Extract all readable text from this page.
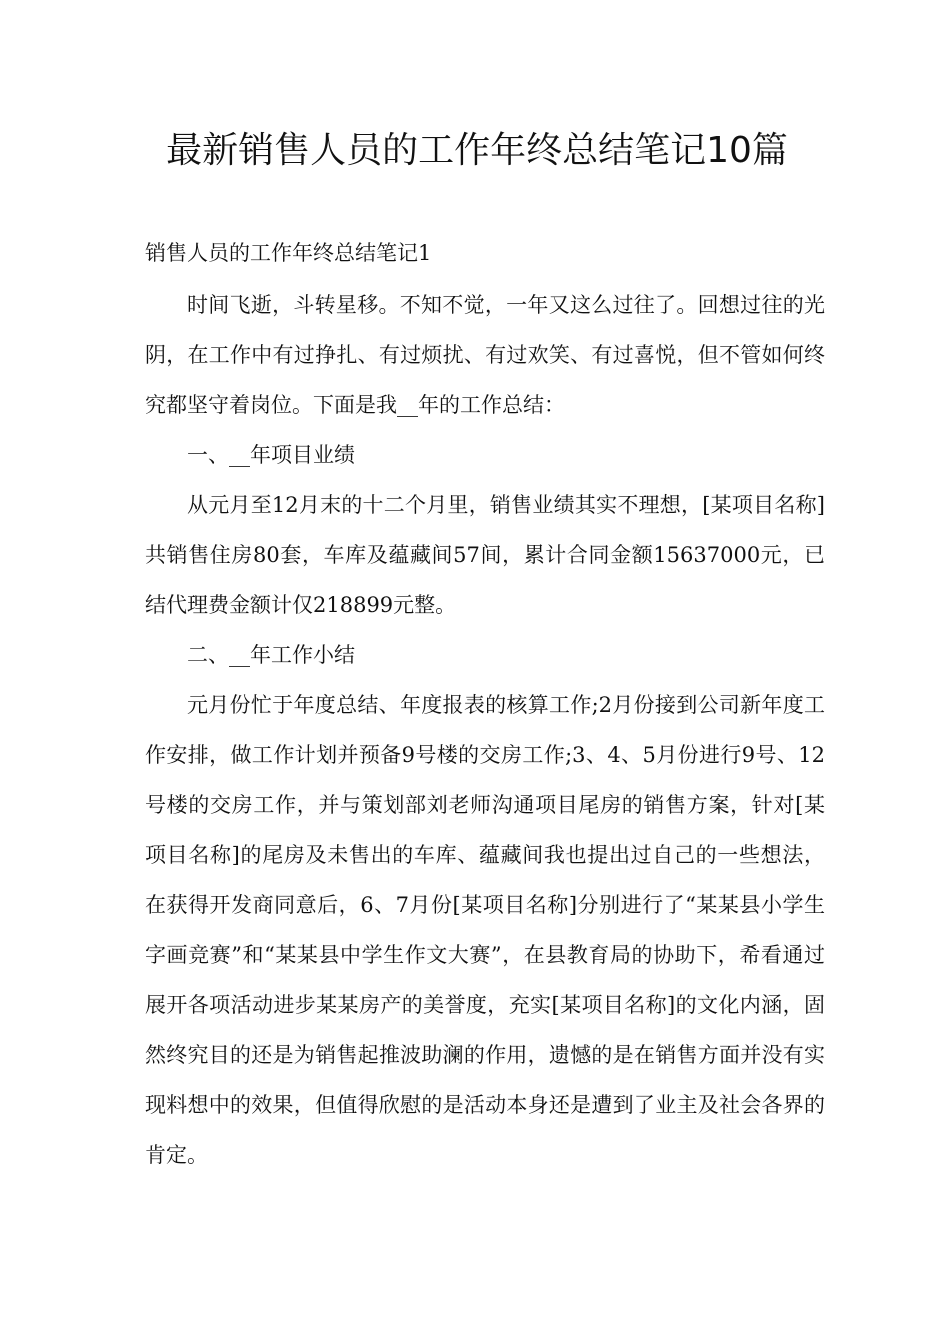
最新销售人员的工作年终总结笔记10篇

销售人员的工作年终总结笔记1

时间飞逝，斗转星移。不知不觉，一年又这么过往了。回想过往的光阴，在工作中有过挣扎、有过烦扰、有过欢笑、有过喜悦，但不管如何终究都坚守着岗位。下面是我__年的工作总结：

一、__年项目业绩

从元月至12月末的十二个月里，销售业绩其实不理想，[某项目名称]共销售住房80套，车库及蕴藏间57间，累计合同金额15637000元，已结代理费金额计仅218899元整。

二、__年工作小结

元月份忙于年度总结、年度报表的核算工作;2月份接到公司新年度工作安排，做工作计划并预备9号楼的交房工作;3、4、5月份进行9号、12号楼的交房工作，并与策划部刘老师沟通项目尾房的销售方案，针对[某项目名称]的尾房及未售出的车库、蕴藏间我也提出过自己的一些想法，在获得开发商同意后，6、7月份[某项目名称]分别进行了“某某县小学生字画竞赛”和“某某县中学生作文大赛”，在县教育局的协助下，希看通过展开各项活动进步某某房产的美誉度，充实[某项目名称]的文化内涵，固然终究目的还是为销售起推波助澜的作用，遗憾的是在销售方面并没有实现料想中的效果，但值得欣慰的是活动本身还是遭到了业主及社会各界的肯定。
